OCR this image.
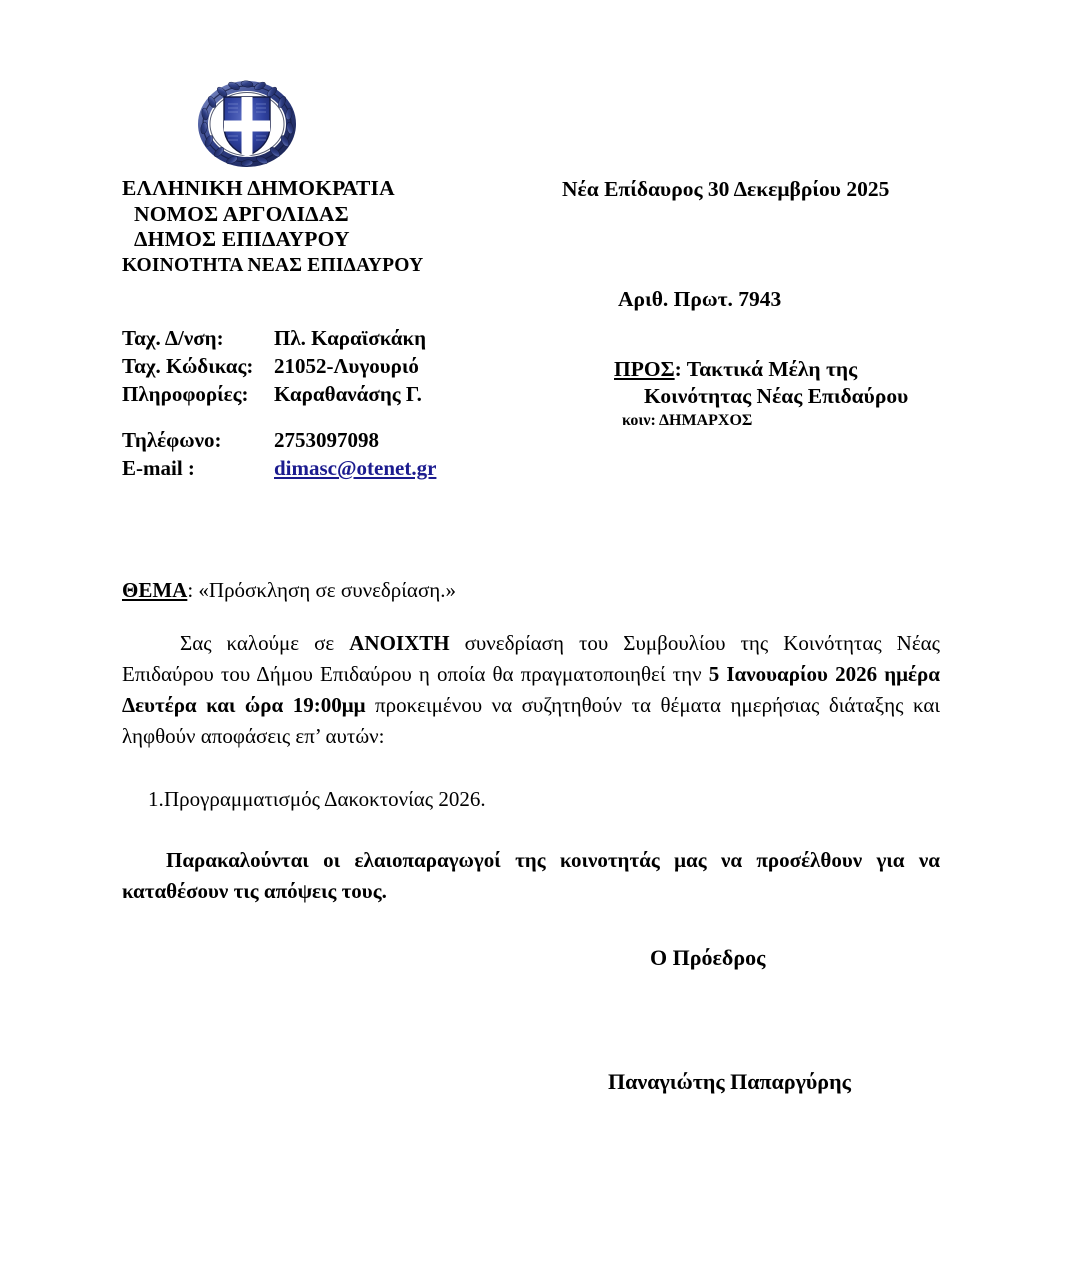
ΕΛΛΗΝΙΚΗ ΔΗΜΟΚΡΑΤΙΑ
ΝΟΜΟΣ ΑΡΓΟΛΙΔΑΣ
ΔΗΜΟΣ ΕΠΙΔΑΥΡΟΥ
ΚΟΙΝΟΤΗΤΑ ΝΕΑΣ ΕΠΙΔΑΥΡΟΥ
Ταχ. Δ/νση:	Πλ. Καραϊσκάκη
Ταχ. Κώδικας: 21052-Λυγουριό
Πληροφορίες:	Καραθανάσης Γ.
Τηλέφωνο:	2753097098
E-mail :	dimasc@otenet.gr
Νέα Επίδαυρος 30 Δεκεμβρίου 2025
Αριθ. Πρωτ. 7943
ΠΡΟΣ: Τακτικά Μέλη της
Κοινότητας Νέας Επιδαύρου
κοιν: ΔΗΜΑΡΧΟΣ
ΘΕΜΑ: «Πρόσκληση σε συνεδρίαση.»
Σας καλούμε σε ΑΝΟΙΧΤΗ συνεδρίαση του Συμβουλίου της Κοινότητας Νέας Επιδαύρου του Δήμου Επιδαύρου η οποία θα πραγματοποιηθεί την 5 Ιανουαρίου 2026 ημέρα Δευτέρα και ώρα 19:00μμ προκειμένου να συζητηθούν τα θέματα ημερήσιας διάταξης και ληφθούν αποφάσεις επ’ αυτών:
1. Προγραμματισμός Δακοκτονίας 2026.
Παρακαλούνται οι ελαιοπαραγωγοί της κοινοτητάς μας να προσέλθουν για να καταθέσουν τις απόψεις τους.
Ο Πρόεδρος
Παναγιώτης Παπαργύρης
